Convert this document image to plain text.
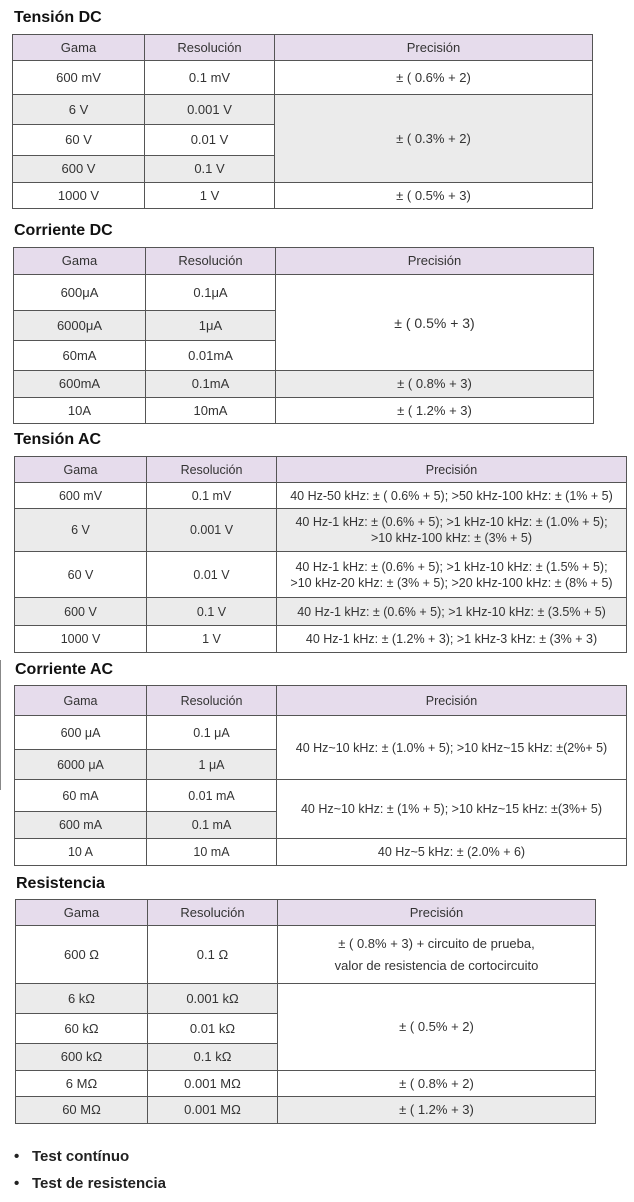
Tensión DC
Gama	Resolución	Precisión
600 mV	0.1 mV	± ( 0.6% + 2)
6 V	0.001 V	± ( 0.3% + 2)
60 V	0.01 V	
600 V	0.1 V	
1000 V	1 V	± ( 0.5% + 3)
Corriente DC
Gama	Resolución	Precisión
600μA	0.1μA	± ( 0.5% + 3)
6000μA	1μA	
60mA	0.01mA	
600mA	0.1mA	± ( 0.8% + 3)
10A	10mA	± ( 1.2% + 3)
Tensión AC
Gama	Resolución	Precisión
600 mV	0.1 mV	40 Hz-50 kHz: ± ( 0.6% + 5); >50 kHz-100 kHz: ± (1% + 5)
6 V	0.001 V	40 Hz-1 kHz: ± (0.6% + 5); >1 kHz-10 kHz: ± (1.0% + 5);
>10 kHz-100 kHz: ± (3% + 5)

60 V	0.01 V	40 Hz-1 kHz: ± (0.6% + 5); >1 kHz-10 kHz: ± (1.5% + 5);
>10 kHz-20 kHz: ± (3% + 5); >20 kHz-100 kHz: ± (8% + 5)

600 V	0.1 V	40 Hz-1 kHz: ± (0.6% + 5); >1 kHz-10 kHz: ± (3.5% + 5)
1000 V	1 V	40 Hz-1 kHz: ± (1.2% + 3); >1 kHz-3 kHz: ± (3% + 3)
Corriente AC
Gama	Resolución	Precisión
600 μA	0.1 μA	40 Hz~10 kHz: ± (1.0% + 5); >10 kHz~15 kHz: ±(2%+ 5)
6000 μA	1 μA	
60 mA	0.01 mA	40 Hz~10 kHz: ± (1% + 5); >10 kHz~15 kHz: ±(3%+ 5)
600 mA	0.1 mA	
10 A	10 mA	40 Hz~5 kHz: ± (2.0% + 6)
Resistencia
Gama	Resolución	Precisión
600 Ω	0.1 Ω	± ( 0.8% + 3) + circuito de prueba,
valor de resistencia de cortocircuito

6 kΩ	0.001 kΩ	± ( 0.5% + 2)
60 kΩ	0.01 kΩ	
600 kΩ	0.1 kΩ	
6 MΩ	0.001 MΩ	± ( 0.8% + 2)
60 MΩ	0.001 MΩ	± ( 1.2% + 3)
• Test contínuo
• Test de resistencia
